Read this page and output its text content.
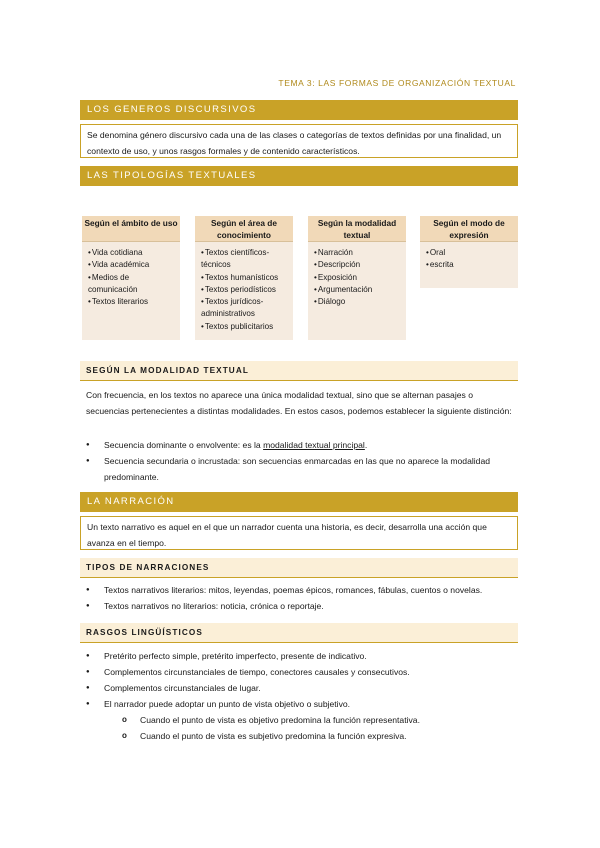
TEMA 3: LAS FORMAS DE ORGANIZACIÓN TEXTUAL
LOS GENEROS DISCURSIVOS
Se denomina género discursivo cada una de las clases o categorías de textos definidas por una finalidad, un contexto de uso, y unos rasgos formales y de contenido característicos.
LAS TIPOLOGÍAS TEXTUALES
Según el ámbito de uso
• Vida cotidiana
• Vida académica
• Medios de comunicación
• Textos literarios
Según el área de conocimiento
• Textos científicos-técnicos
• Textos humanísticos
• Textos periodísticos
• Textos jurídicos-administrativos
• Textos publicitarios
Según la modalidad textual
• Narración
• Descripción
• Exposición
• Argumentación
• Diálogo
Según el modo de expresión
• Oral
• escrita
SEGÚN LA MODALIDAD TEXTUAL
Con frecuencia, en los textos no aparece una única modalidad textual, sino que se alternan pasajes o secuencias pertenecientes a distintas modalidades. En estos casos, podemos establecer la siguiente distinción:
● Secuencia dominante o envolvente: es la modalidad textual principal.
● Secuencia secundaria o incrustada: son secuencias enmarcadas en las que no aparece la modalidad predominante.
LA NARRACIÓN
Un texto narrativo es aquel en el que un narrador cuenta una historia, es decir, desarrolla una acción que avanza en el tiempo.
TIPOS DE NARRACIONES
● Textos narrativos literarios: mitos, leyendas, poemas épicos, romances, fábulas, cuentos o novelas.
● Textos narrativos no literarios: noticia, crónica o reportaje.
RASGOS LINGÜÍSTICOS
● Pretérito perfecto simple, pretérito imperfecto, presente de indicativo.
● Complementos circunstanciales de tiempo, conectores causales y consecutivos.
● Complementos circunstanciales de lugar.
● El narrador puede adoptar un punto de vista objetivo o subjetivo.
o Cuando el punto de vista es objetivo predomina la función representativa.
o Cuando el punto de vista es subjetivo predomina la función expresiva.
